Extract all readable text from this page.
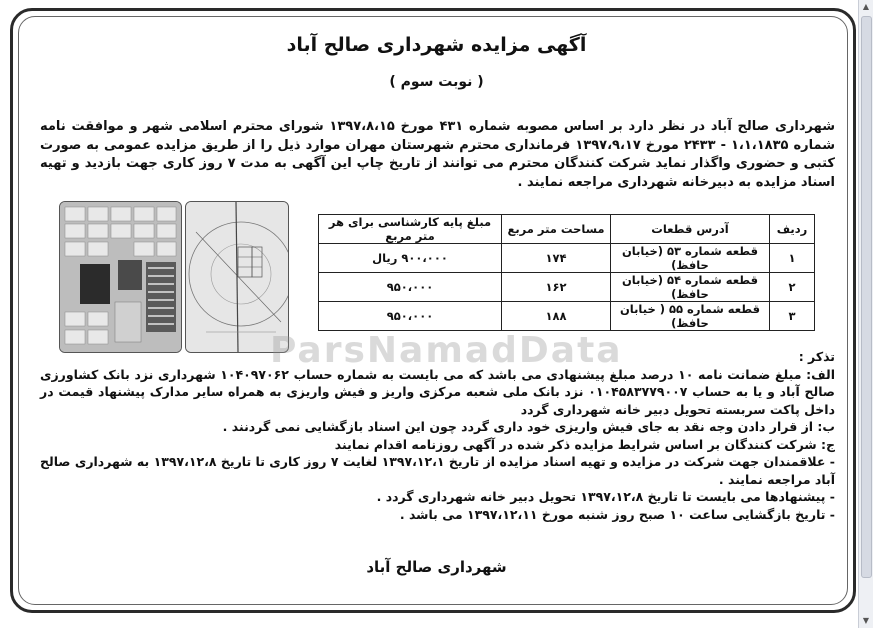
▲
▼
آگهی مزایده شهرداری صالح آباد
( نوبت سوم )
شهرداری صالح آباد در نظر دارد بر اساس مصوبه شماره ۴۳۱ مورخ ۱۳۹۷،۸،۱۵ شورای محترم اسلامی شهر و موافقت نامه شماره ۱،۱،۱۸۳۵ - ۲۴۳۳ مورخ ۱۳۹۷،۹،۱۷ فرمانداری محترم شهرستان مهران موارد ذیل را از طریق مزایده عمومی به صورت کتبی و حضوری واگذار نماید شرکت کنندگان محترم می توانند از تاریخ چاپ این آگهی به مدت ۷ روز کاری جهت بازدید و تهیه اسناد مزایده به دبیرخانه شهرداری مراجعه نمایند .
ردیف	آدرس قطعات	مساحت متر مربع	مبلغ پایه کارشناسی برای هر متر مربع
۱	قطعه شماره ۵۳ (خیابان حافظ)	۱۷۴	۹۰۰،۰۰۰ ریال
۲	قطعه شماره ۵۴ (خیابان حافظ)	۱۶۲	۹۵۰،۰۰۰
۳	قطعه شماره ۵۵ ( خیابان حافظ)	۱۸۸	۹۵۰،۰۰۰
ParsNamadData	تذکر :
الف: مبلغ ضمانت نامه ۱۰ درصد مبلغ پیشنهادی می باشد که می بایست به شماره حساب ۱۰۴۰۹۷۰۶۲ شهرداری نزد بانک کشاورزی صالح آباد و یا به حساب ۰۱۰۴۵۸۳۷۷۹۰۰۷ نزد بانک ملی شعبه مرکزی واریز و فیش واریزی به همراه سایر مدارک پیشنهاد قیمت در داخل پاکت سربسته تحویل دبیر خانه شهرداری گردد
ب: از قرار دادن وجه نقد به جای فیش واریزی خود داری گردد چون این اسناد بازگشایی نمی گردنند .
ج: شرکت کنندگان بر اساس شرایط مزایده ذکر شده در آگهی روزنامه اقدام نمایند
- علاقمندان جهت شرکت در مزایده و تهیه اسناد مزایده از تاریخ ۱۳۹۷،۱۲،۱ لغایت ۷ روز کاری تا تاریخ ۱۳۹۷،۱۲،۸ به شهرداری صالح آباد مراجعه نمایند .
- پیشنهادها می بایست تا تاریخ ۱۳۹۷،۱۲،۸ تحویل دبیر خانه شهرداری گردد .
- تاریخ بازگشایی ساعت ۱۰ صبح روز شنبه مورخ ۱۳۹۷،۱۲،۱۱ می باشد .
شهرداری صالح آباد
